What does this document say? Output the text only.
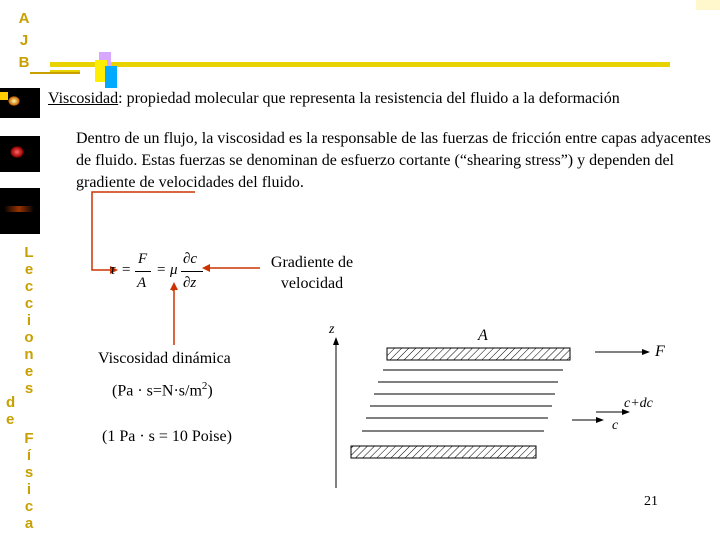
A
J
B
L
e
c
c
i
o
n
e
s
d
e
F
í
s
i
c
a
Viscosidad: propiedad molecular que representa la resistencia del fluido a la deformación
Dentro de un flujo, la viscosidad es la responsable de las fuerzas de fricción entre capas adyacentes de fluido. Estas fuerzas se denominan de esfuerzo cortante (“shearing stress”) y dependen del gradiente de velocidades del fluido.
τ =
F
A
= μ
∂c
∂z
Gradiente de
velocidad
Viscosidad dinámica
$(Pa \cdot s=N\cdot s/m^2)$
(1 Pa · s = 10 Poise)
z	A
F
c+dc
c
21
